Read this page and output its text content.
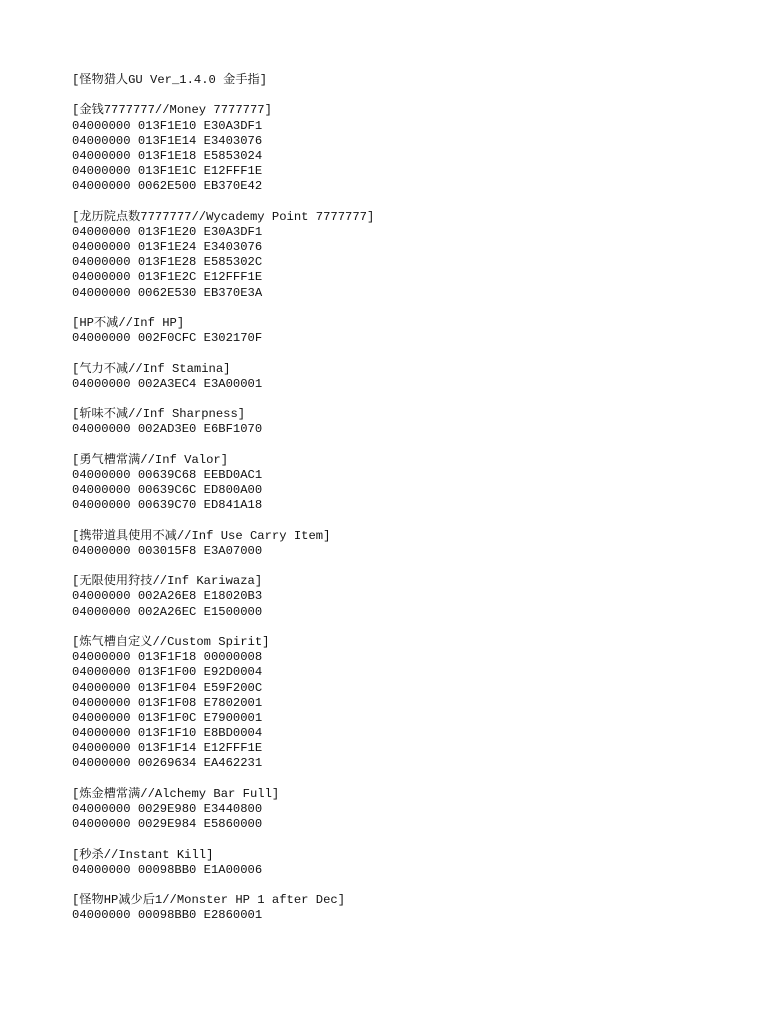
[怪物猎人GU Ver_1.4.0 金手指]
[金钱7777777//Money 7777777]
04000000 013F1E10 E30A3DF1
04000000 013F1E14 E3403076
04000000 013F1E18 E5853024
04000000 013F1E1C E12FFF1E
04000000 0062E500 EB370E42
[龙历院点数7777777//Wycademy Point 7777777]
04000000 013F1E20 E30A3DF1
04000000 013F1E24 E3403076
04000000 013F1E28 E585302C
04000000 013F1E2C E12FFF1E
04000000 0062E530 EB370E3A
[HP不减//Inf HP]
04000000 002F0CFC E302170F
[气力不减//Inf Stamina]
04000000 002A3EC4 E3A00001
[斩味不减//Inf Sharpness]
04000000 002AD3E0 E6BF1070
[勇气槽常满//Inf Valor]
04000000 00639C68 EEBD0AC1
04000000 00639C6C ED800A00
04000000 00639C70 ED841A18
[携带道具使用不减//Inf Use Carry Item]
04000000 003015F8 E3A07000
[无限使用狩技//Inf Kariwaza]
04000000 002A26E8 E18020B3
04000000 002A26EC E1500000
[炼气槽自定义//Custom Spirit]
04000000 013F1F18 00000008
04000000 013F1F00 E92D0004
04000000 013F1F04 E59F200C
04000000 013F1F08 E7802001
04000000 013F1F0C E7900001
04000000 013F1F10 E8BD0004
04000000 013F1F14 E12FFF1E
04000000 00269634 EA462231
[炼金槽常满//Alchemy Bar Full]
04000000 0029E980 E3440800
04000000 0029E984 E5860000
[秒杀//Instant Kill]
04000000 00098BB0 E1A00006
[怪物HP减少后1//Monster HP 1 after Dec]
04000000 00098BB0 E2860001
